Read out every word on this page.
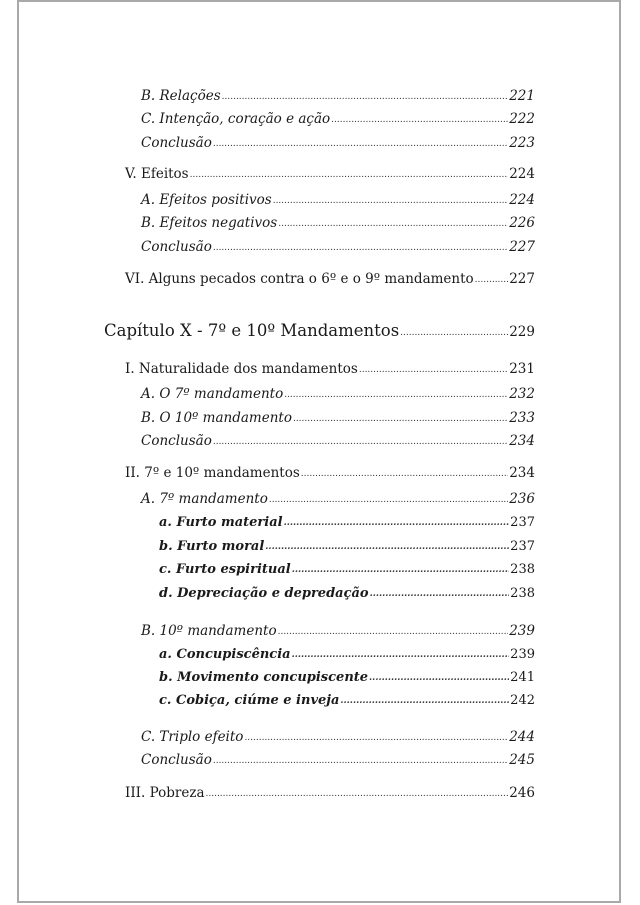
B. Relações .....	221
C. Intenção, coração e ação .....	222
Conclusão .....	223
V. Efeitos .....	224
A. Efeitos positivos .....	224
B. Efeitos negativos .....	226
Conclusão .....	227
VI. Alguns pecados contra o 6º e o 9º mandamento .....	227
Capítulo X - 7º e 10º Mandamentos .....	229
I. Naturalidade dos mandamentos .....	231
A. O 7º mandamento .....	232
B. O 10º mandamento .....	233
Conclusão .....	234
II. 7º e 10º mandamentos .....	234
A. 7º mandamento .....	236
a. Furto material .....	237
b. Furto moral .....	237
c. Furto espiritual .....	238
d. Depreciação e depredação .....	238
B. 10º mandamento .....	239
a. Concupiscência .....	239
b. Movimento concupiscente .....	241
c. Cobiça, ciúme e inveja .....	242
C. Triplo efeito .....	244
Conclusão .....	245
III. Pobreza .....	246
